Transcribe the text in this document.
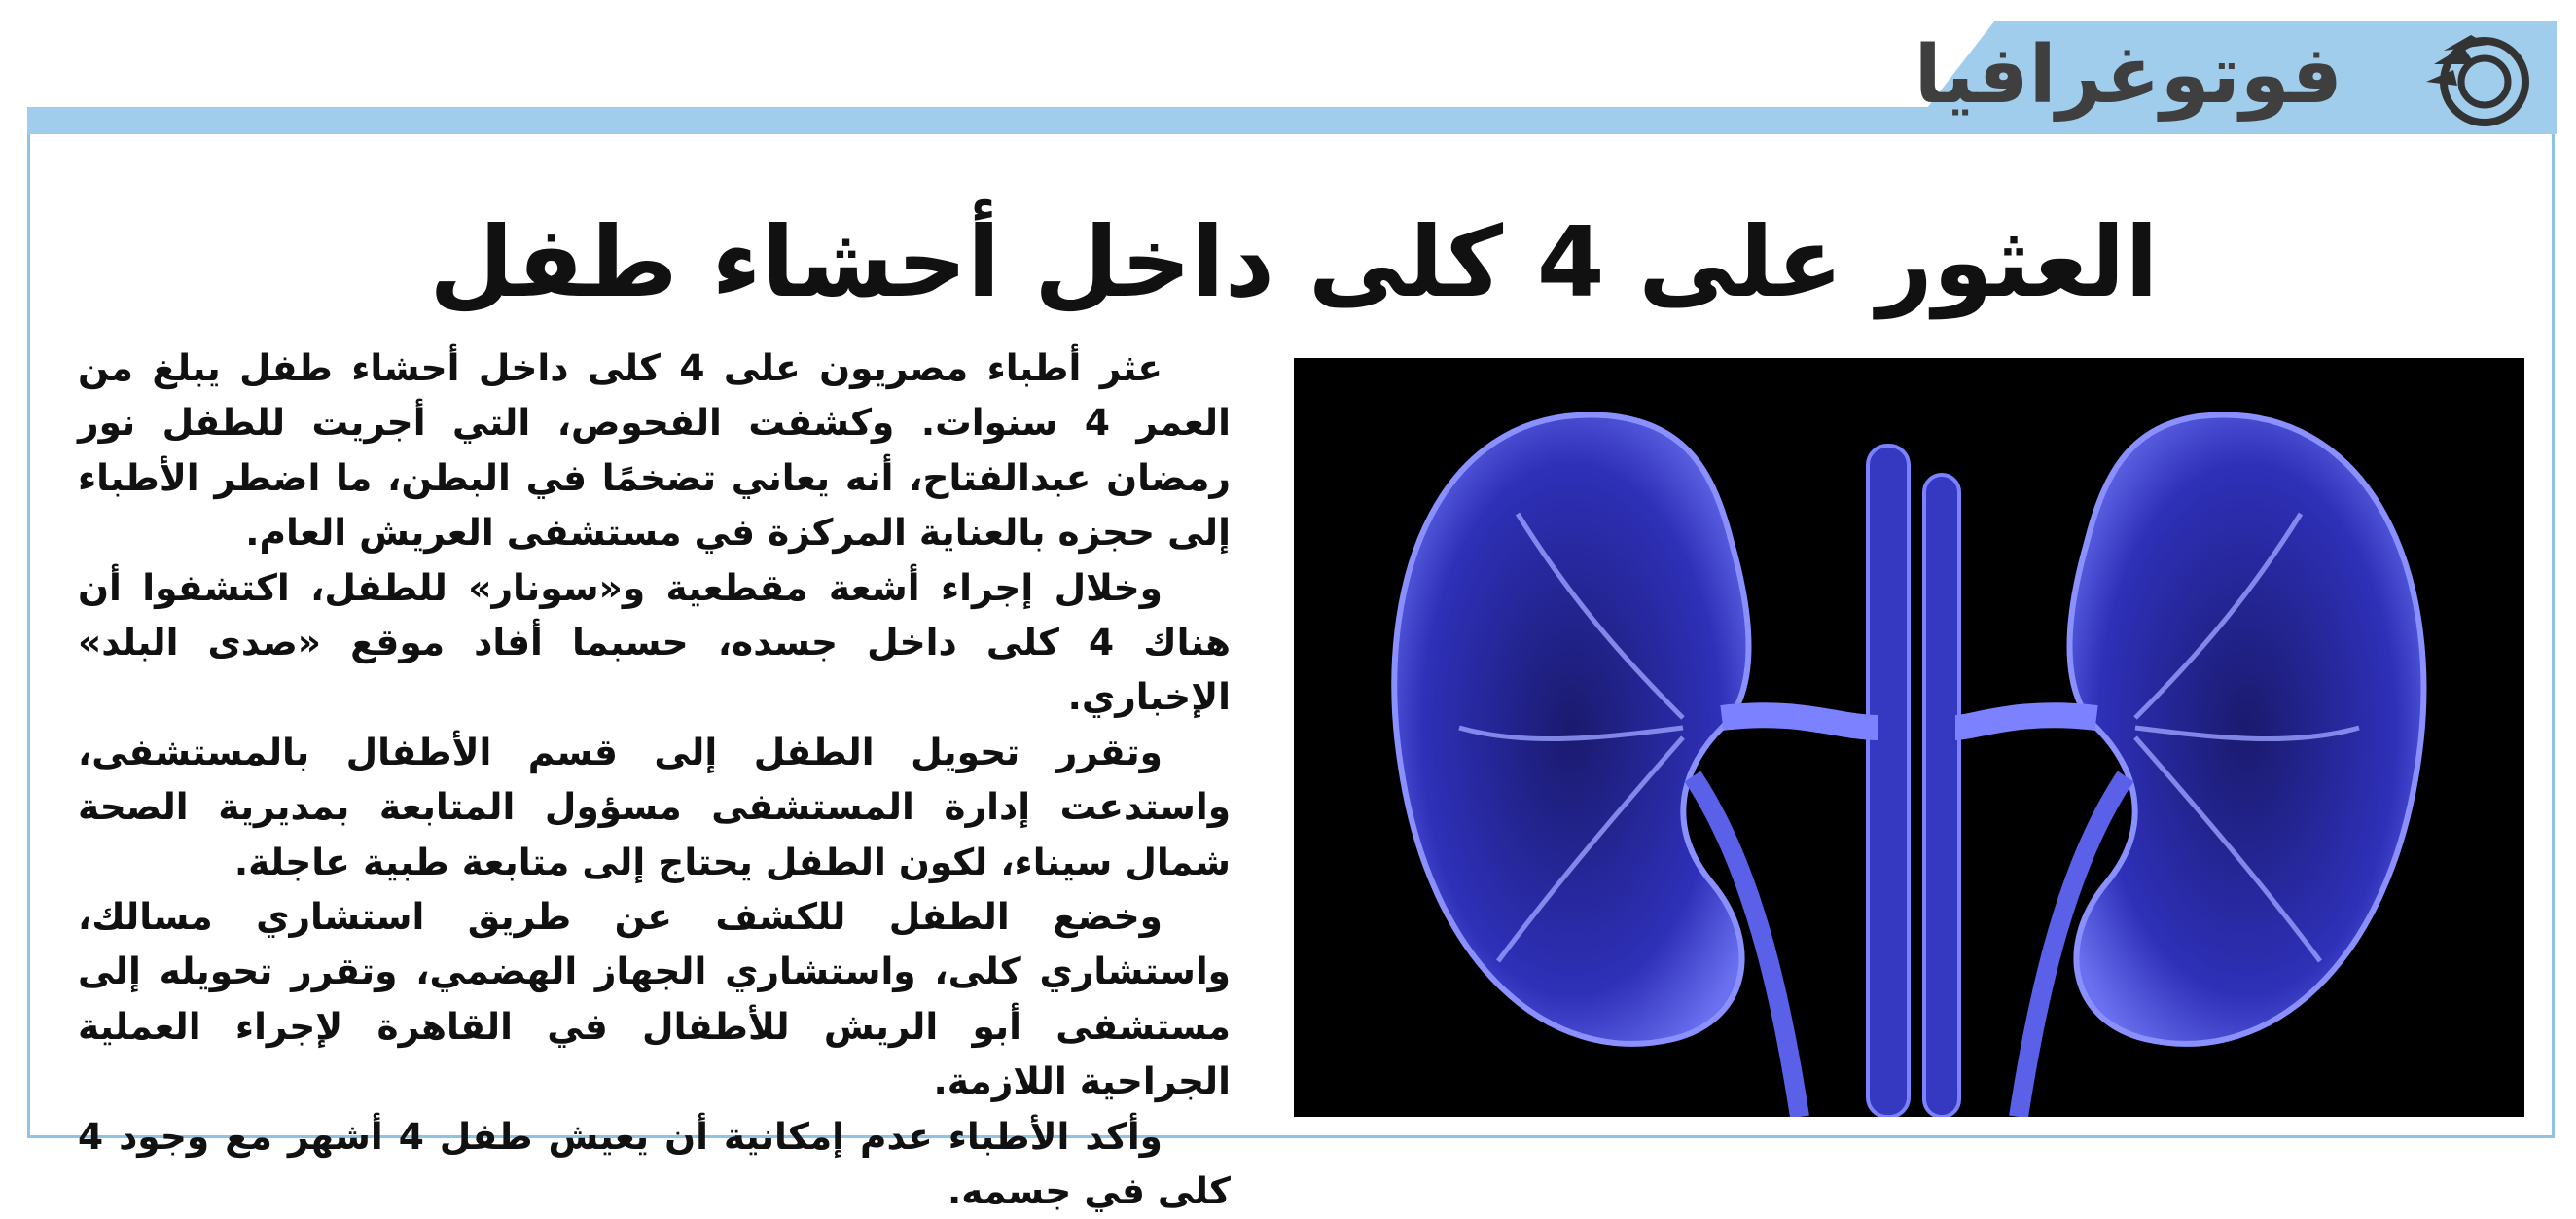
فوتوغرافيا
العثور على 4 كلى داخل أحشاء طفل

عثر أطباء مصريون على 4 كلى داخل أحشاء طفل يبلغ من العمر 4 سنوات. وكشفت الفحوص، التي أجريت للطفل نور رمضان عبدالفتاح، أنه يعاني تضخمًا في البطن، ما اضطر الأطباء إلى حجزه بالعناية المركزة في مستشفى العريش العام.

وخلال إجراء أشعة مقطعية و«سونار» للطفل، اكتشفوا أن هناك 4 كلى داخل جسده، حسبما أفاد موقع «صدى البلد» الإخباري.

وتقرر تحويل الطفل إلى قسم الأطفال بالمستشفى، واستدعت إدارة المستشفى مسؤول المتابعة بمديرية الصحة شمال سيناء، لكون الطفل يحتاج إلى متابعة طبية عاجلة.

وخضع الطفل للكشف عن طريق استشاري مسالك، واستشاري كلى، واستشاري الجهاز الهضمي، وتقرر تحويله إلى مستشفى أبو الريش للأطفال في القاهرة لإجراء العملية الجراحية اللازمة.

وأكد الأطباء عدم إمكانية أن يعيش طفل 4 أشهر مع وجود 4 كلى في جسمه.
